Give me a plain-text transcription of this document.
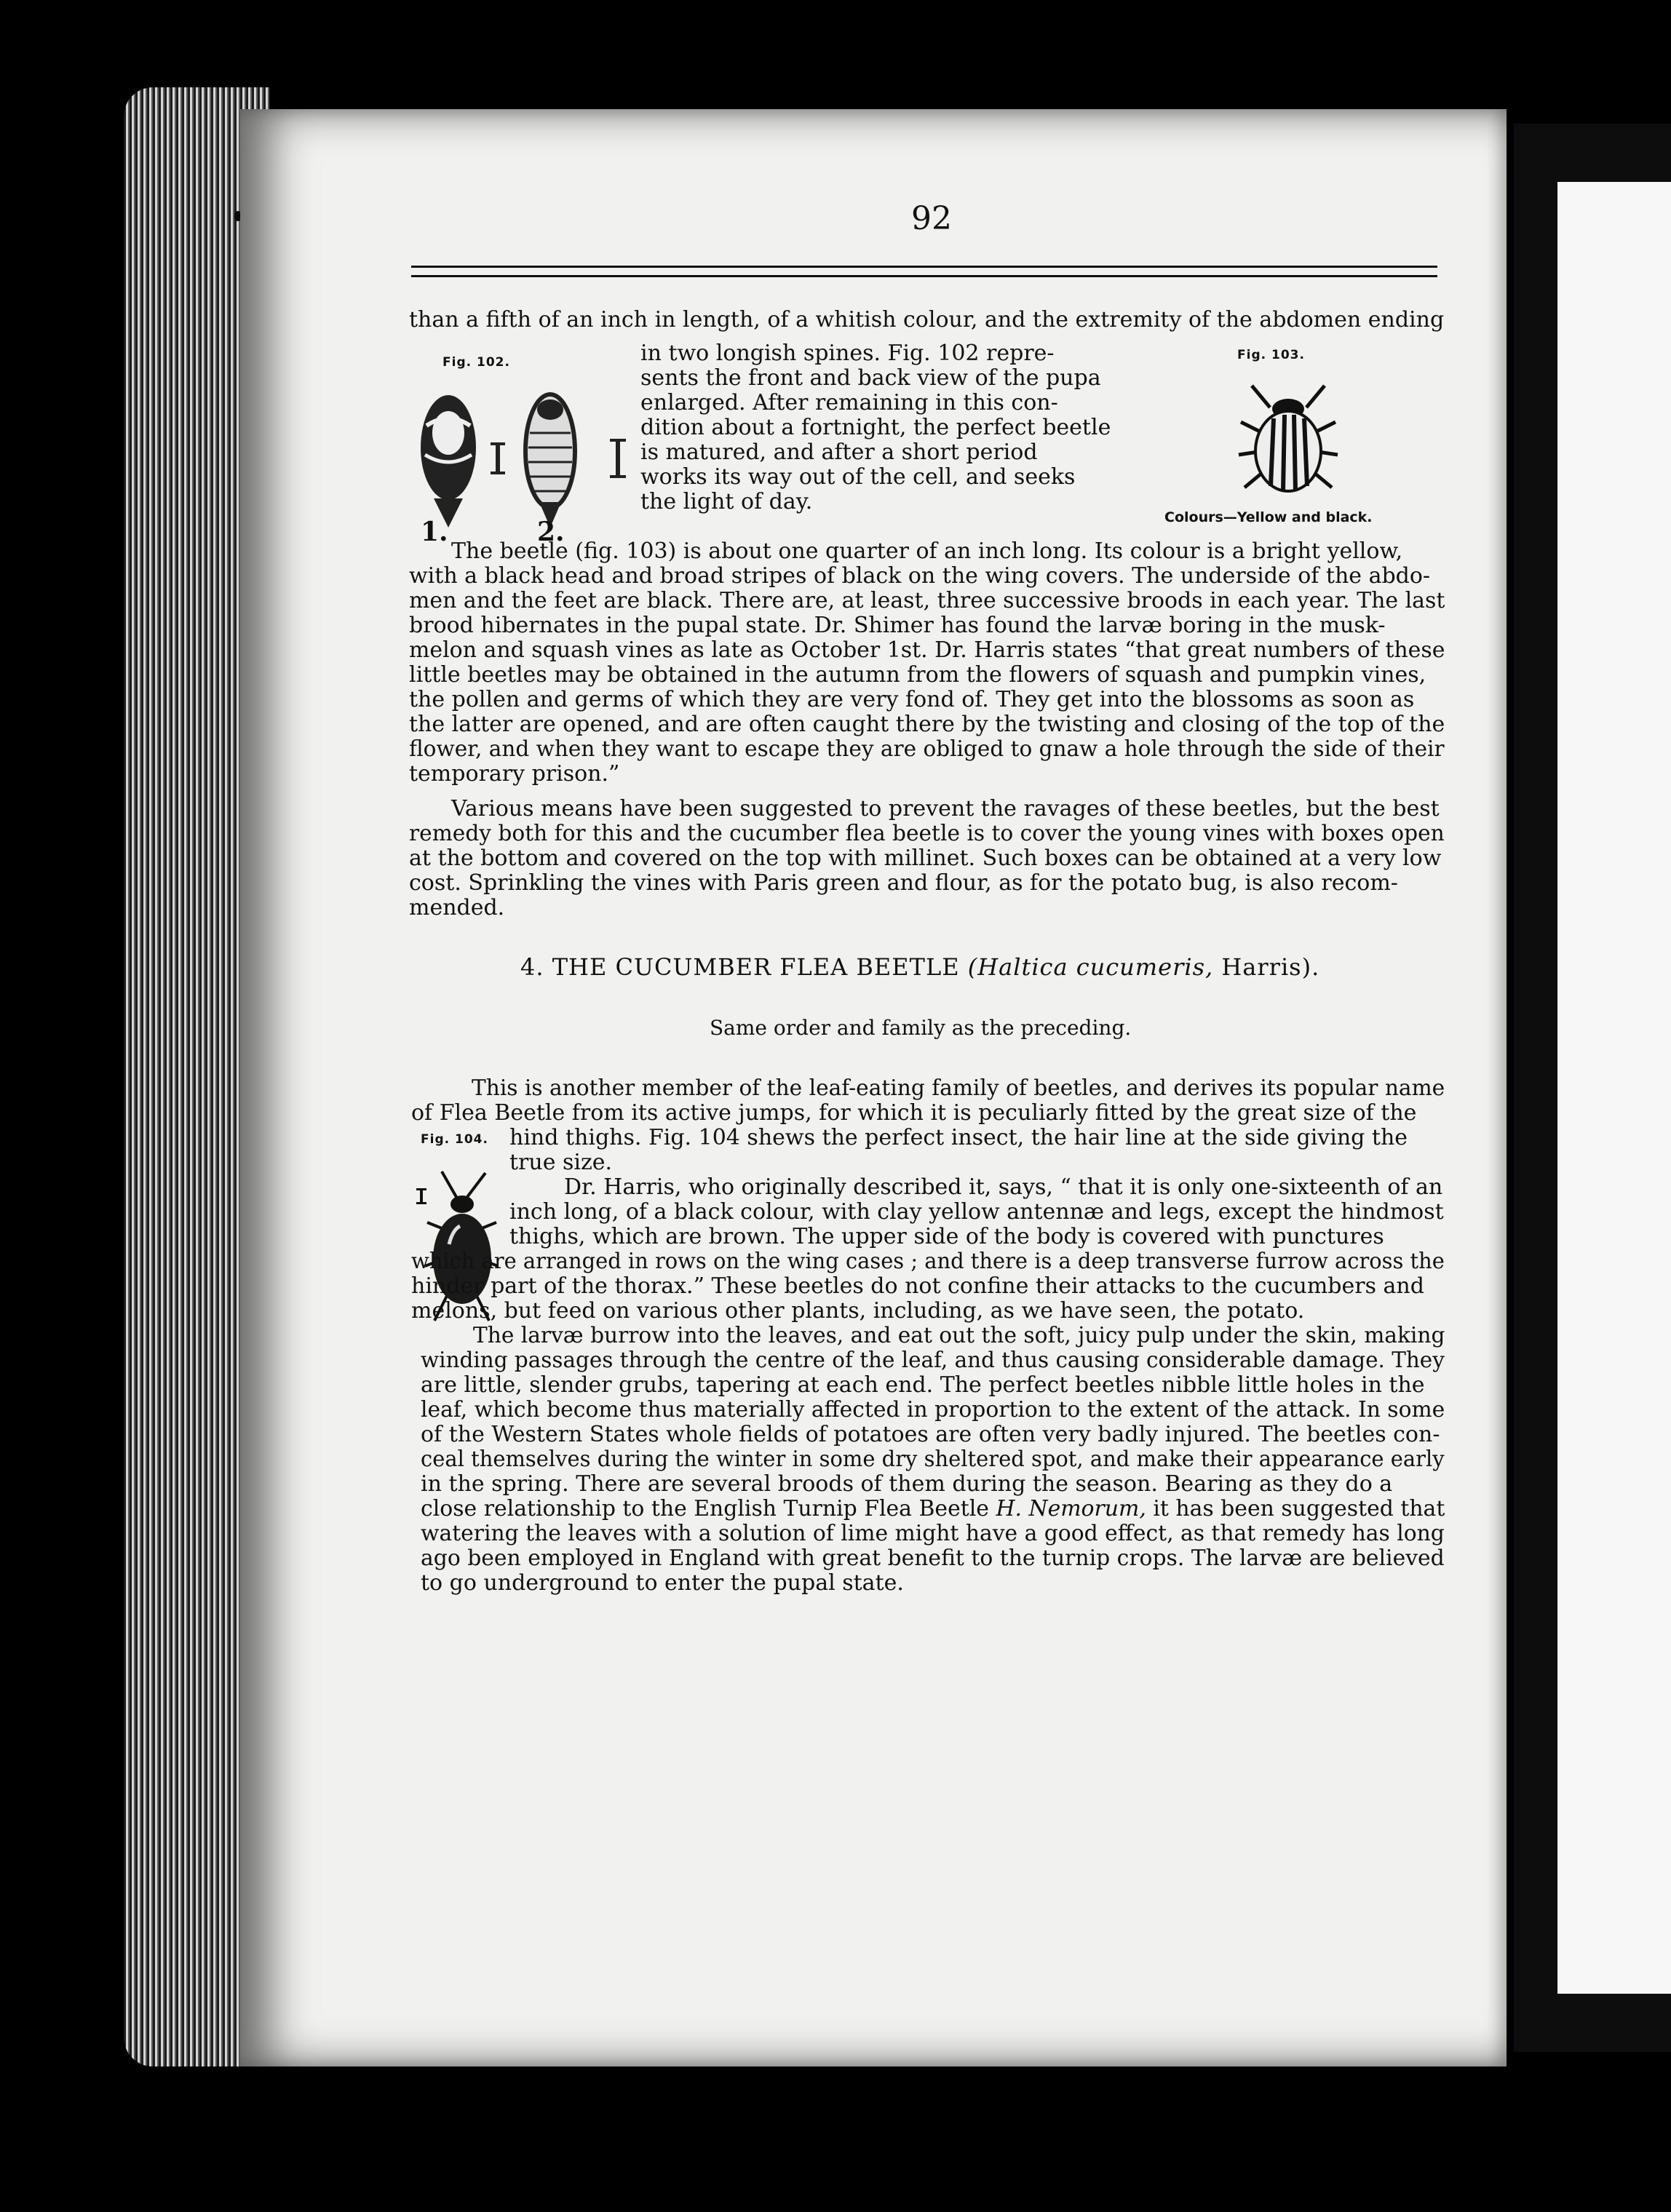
92
than a fifth of an inch in length, of a whitish colour, and the extremity of the abdomen ending
Fig. 102.
1.	2.
in two longish spines. Fig. 102 repre-
sents the front and back view of the pupa
enlarged. After remaining in this con-
dition about a fortnight, the perfect beetle
is matured, and after a short period
works its way out of the cell, and seeks
the light of day.
Fig. 103.
Colours—Yellow and black.
The beetle (fig. 103) is about one quarter of an inch long. Its colour is a bright yellow,
with a black head and broad stripes of black on the wing covers. The underside of the abdo-
men and the feet are black. There are, at least, three successive broods in each year. The last
brood hibernates in the pupal state. Dr. Shimer has found the larvæ boring in the musk-
melon and squash vines as late as October 1st. Dr. Harris states “that great numbers of these
little beetles may be obtained in the autumn from the flowers of squash and pumpkin vines,
the pollen and germs of which they are very fond of. They get into the blossoms as soon as
the latter are opened, and are often caught there by the twisting and closing of the top of the
flower, and when they want to escape they are obliged to gnaw a hole through the side of their
temporary prison.”
Various means have been suggested to prevent the ravages of these beetles, but the best
remedy both for this and the cucumber flea beetle is to cover the young vines with boxes open
at the bottom and covered on the top with millinet. Such boxes can be obtained at a very low
cost. Sprinkling the vines with Paris green and flour, as for the potato bug, is also recom-
mended.
4. THE CUCUMBER FLEA BEETLE (Haltica cucumeris, Harris).
Same order and family as the preceding.
This is another member of the leaf-eating family of beetles, and derives its popular name
of Flea Beetle from its active jumps, for which it is peculiarly fitted by the great size of the
hind thighs. Fig. 104 shews the perfect insect, the hair line at the side giving the
true size.
Fig. 104.
Dr. Harris, who originally described it, says, “ that it is only one-sixteenth of an
inch long, of a black colour, with clay yellow antennæ and legs, except the hindmost
thighs, which are brown. The upper side of the body is covered with punctures
which are arranged in rows on the wing cases ; and there is a deep transverse furrow across the
hinder part of the thorax.” These beetles do not confine their attacks to the cucumbers and
melons, but feed on various other plants, including, as we have seen, the potato.
The larvæ burrow into the leaves, and eat out the soft, juicy pulp under the skin, making
winding passages through the centre of the leaf, and thus causing considerable damage. They
are little, slender grubs, tapering at each end. The perfect beetles nibble little holes in the
leaf, which become thus materially affected in proportion to the extent of the attack. In some
of the Western States whole fields of potatoes are often very badly injured. The beetles con-
ceal themselves during the winter in some dry sheltered spot, and make their appearance early
in the spring. There are several broods of them during the season. Bearing as they do a
close relationship to the English Turnip Flea Beetle H. Nemorum, it has been suggested that
watering the leaves with a solution of lime might have a good effect, as that remedy has long
ago been employed in England with great benefit to the turnip crops. The larvæ are believed
to go underground to enter the pupal state.
